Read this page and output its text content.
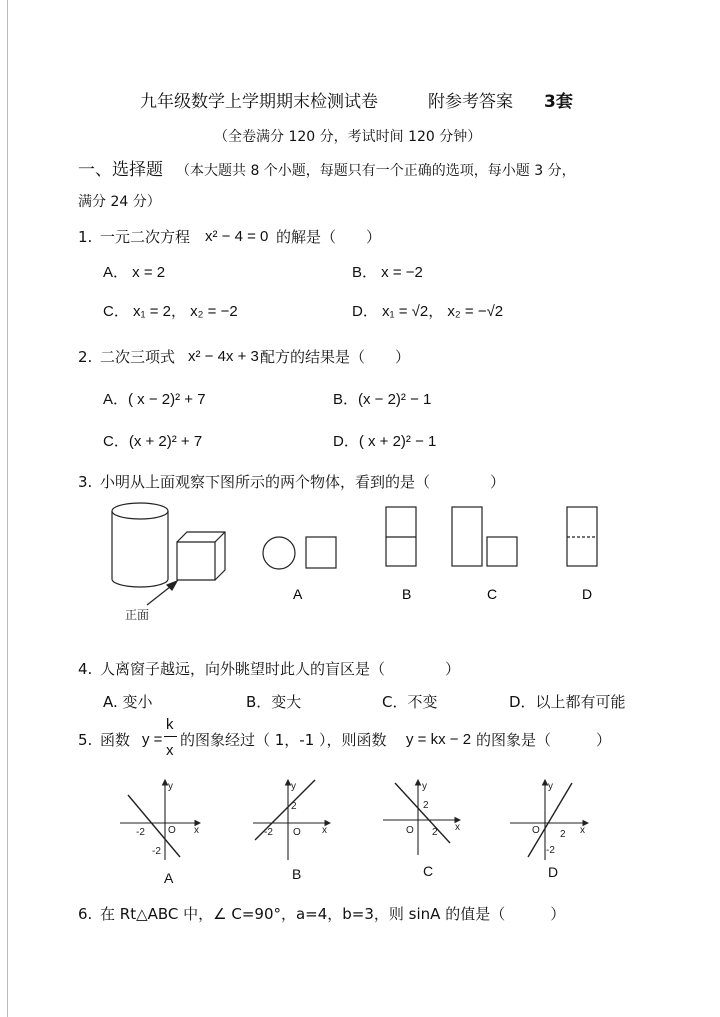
九年级数学上学期期末检测试卷	附参考答案 3套
（全卷满分 120 分，考试时间 120 分钟）
一、选择题 （本大题共 8 个小题，每题只有一个正确的选项，每小题 3 分，
满分 24 分）
1. 一元二次方程 x² − 4 = 0 的解是（　　）
A． x = 2	B． x = −2
C． x₁ = 2， x₂ = −2	D． x₁ = √2， x₂ = −√2
2. 二次三项式 x² − 4x + 3 配方的结果是（　　）
A．( x − 2)² + 7	B．(x − 2)² − 1
C．(x + 2)² + 7	D．( x + 2)² − 1
3. 小明从上面观察下图所示的两个物体，看到的是（　　　　）
正面
A	B	C	D
4. 人离窗子越远，向外眺望时此人的盲区是（　　　　）
A. 变小	B．变大	C．不变	D．以上都有可能
5. 函数 y =
k
x
的图象经过（ 1，-1 ），则函数 y = kx − 2 的图象是（　　　）
x
y
O
-2
-2
x
y
O
2
-2	x
y
O
2
2	x
y
O 2
-2
A	B	C	D
6. 在 Rt△ABC 中，∠ C=90°，a=4，b=3，则 sinA 的值是（　　　）
